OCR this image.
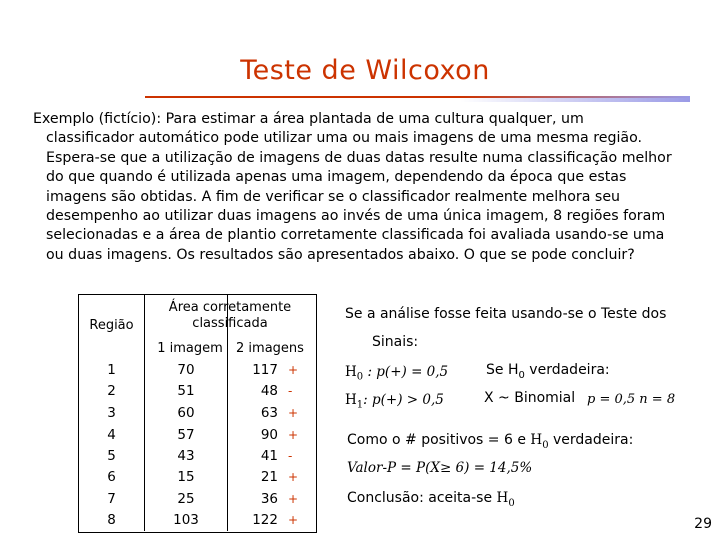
Teste de Wilcoxon
Exemplo (fictício): Para estimar a área plantada de uma cultura qualquer, um
classificador automático pode utilizar uma ou mais imagens de uma mesma região. Espera-se que a utilização de imagens de duas datas resulte numa classificação melhor do que quando é utilizada apenas uma imagem, dependendo da época que estas imagens são obtidas. A fim de verificar se o classificador realmente melhora seu desempenho ao utilizar duas imagens ao invés de uma única imagem, 8 regiões foram selecionadas e a área de plantio corretamente classificada foi avaliada usando-se uma ou duas imagens. Os resultados são apresentados abaixo. O que se pode concluir?
Região
Área corretamente classificada
1 imagem	2 imagens
1	70	117 +
2	51	48 -
3	60	63 +
4	57	90 +
5	43	41 -
6	15	21 +
7	25	36 +
8	103	122 +
Se a análise fosse feita usando-se o Teste dos
Sinais:
$H_0$ : p(+) = 0,5	Se $H_0$ verdadeira:
$H_1$: p(+) > 0,5	X ~ Binomial p = 0,5 n = 8
Como o # positivos = 6 e $H_0$ verdadeira:
Valor-P = P(X≥ 6) = 14,5%
Conclusão: aceita-se $H_0$
29
